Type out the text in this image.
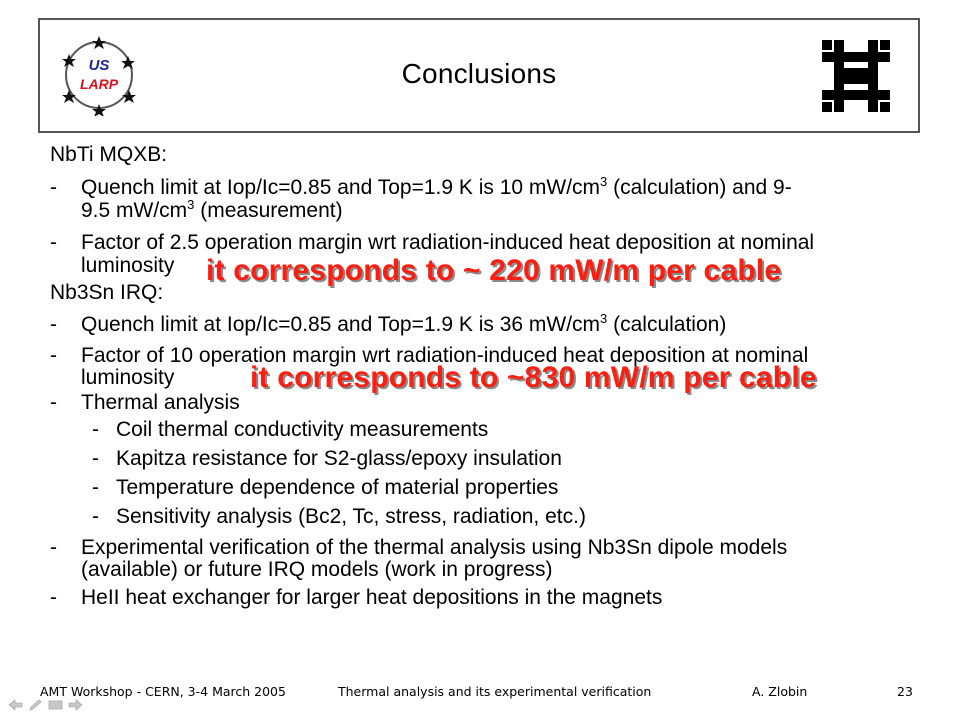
US
LARP	Conclusions
NbTi MQXB:
- Quench limit at Iop/Ic=0.85 and Top=1.9 K is 10 $mW/cm^3$ (calculation) and 9-
9.5 $mW/cm^3$ (measurement)
- Factor of 2.5 operation margin wrt radiation-induced heat deposition at nominal
luminosity
Nb3Sn IRQ:
- Quench limit at Iop/Ic=0.85 and Top=1.9 K is 36 $mW/cm^3$ (calculation)
- Factor of 10 operation margin wrt radiation-induced heat deposition at nominal
luminosity
- Thermal analysis
- Coil thermal conductivity measurements
- Kapitza resistance for S2-glass/epoxy insulation
- Temperature dependence of material properties
- Sensitivity analysis (Bc2, Tc, stress, radiation, etc.)
- Experimental verification of the thermal analysis using Nb3Sn dipole models
(available) or future IRQ models (work in progress)
- HeII heat exchanger for larger heat depositions in the magnets
it corresponds to ~ 220 mW/m per cable
it corresponds to ~830 mW/m per cable
AMT Workshop - CERN, 3-4 March 2005	Thermal analysis and its experimental verification	A. Zlobin	23
